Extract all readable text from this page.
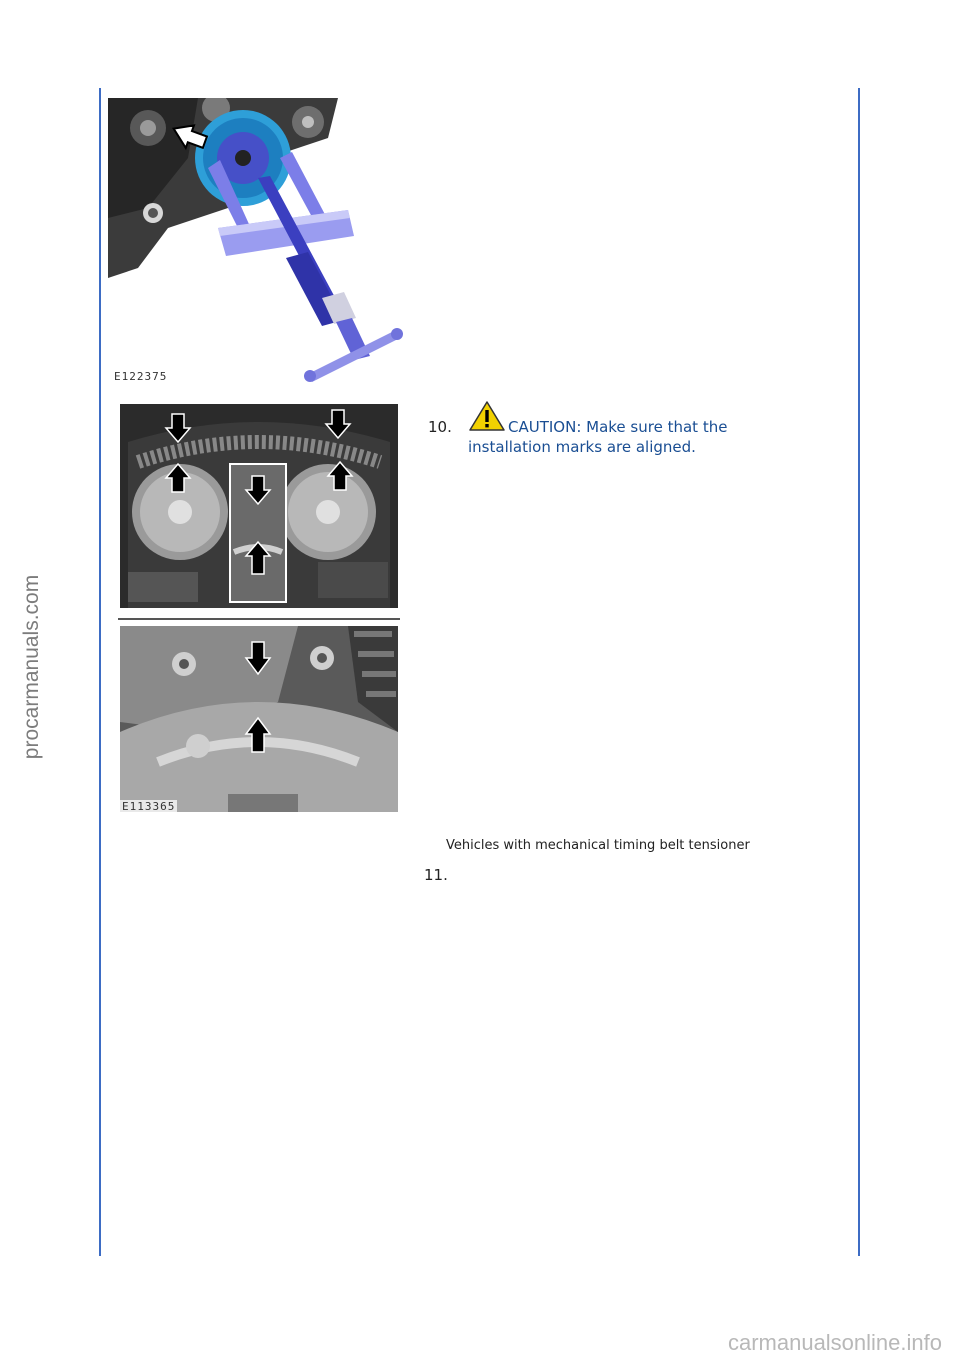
procarmanuals.com
carmanualsonline.info
E122375
E113365
10.	CAUTION: Make sure that the installation marks are aligned.
Vehicles with mechanical timing belt tensioner
11.
